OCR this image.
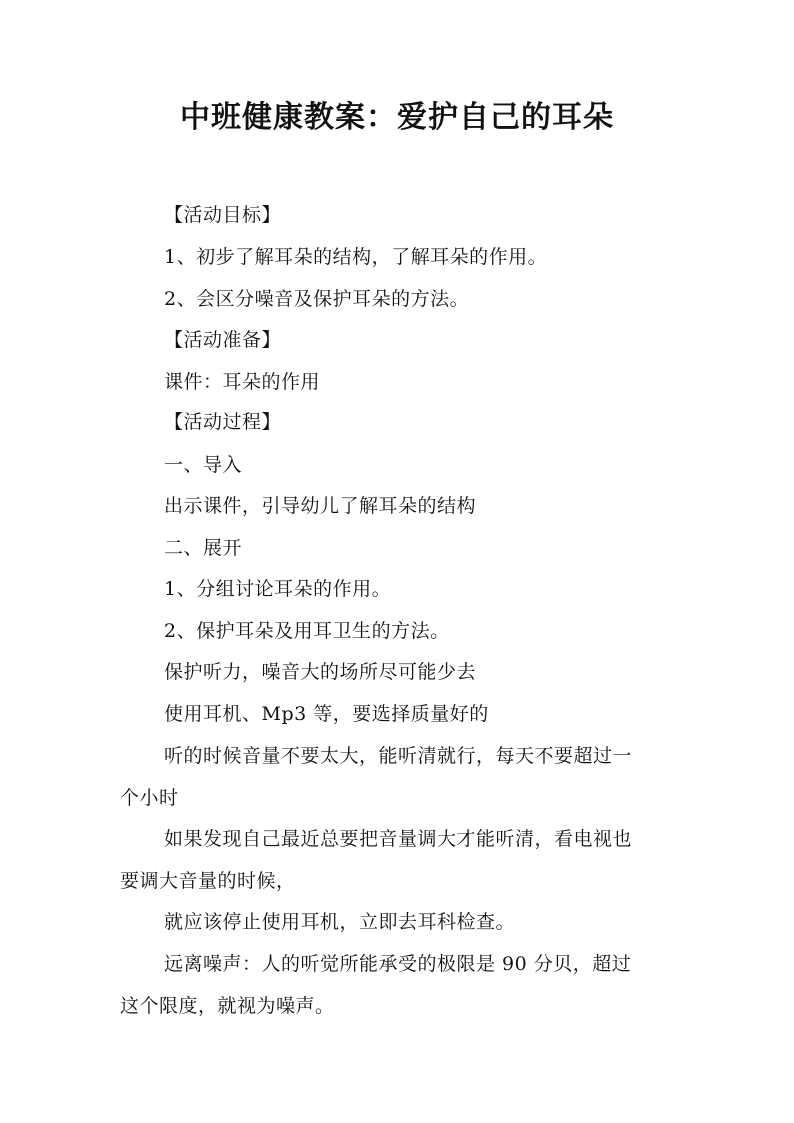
中班健康教案：爱护自己的耳朵
【活动目标】
1、初步了解耳朵的结构，了解耳朵的作用。
2、会区分噪音及保护耳朵的方法。
【活动准备】
课件：耳朵的作用
【活动过程】
一、导入
出示课件，引导幼儿了解耳朵的结构
二、展开
1、分组讨论耳朵的作用。
2、保护耳朵及用耳卫生的方法。
保护听力，噪音大的场所尽可能少去
使用耳机、Mp3 等，要选择质量好的
听的时候音量不要太大，能听清就行，每天不要超过一
个小时
如果发现自己最近总要把音量调大才能听清，看电视也
要调大音量的时候，
就应该停止使用耳机，立即去耳科检查。
远离噪声：人的听觉所能承受的极限是 90 分贝，超过
这个限度，就视为噪声。
